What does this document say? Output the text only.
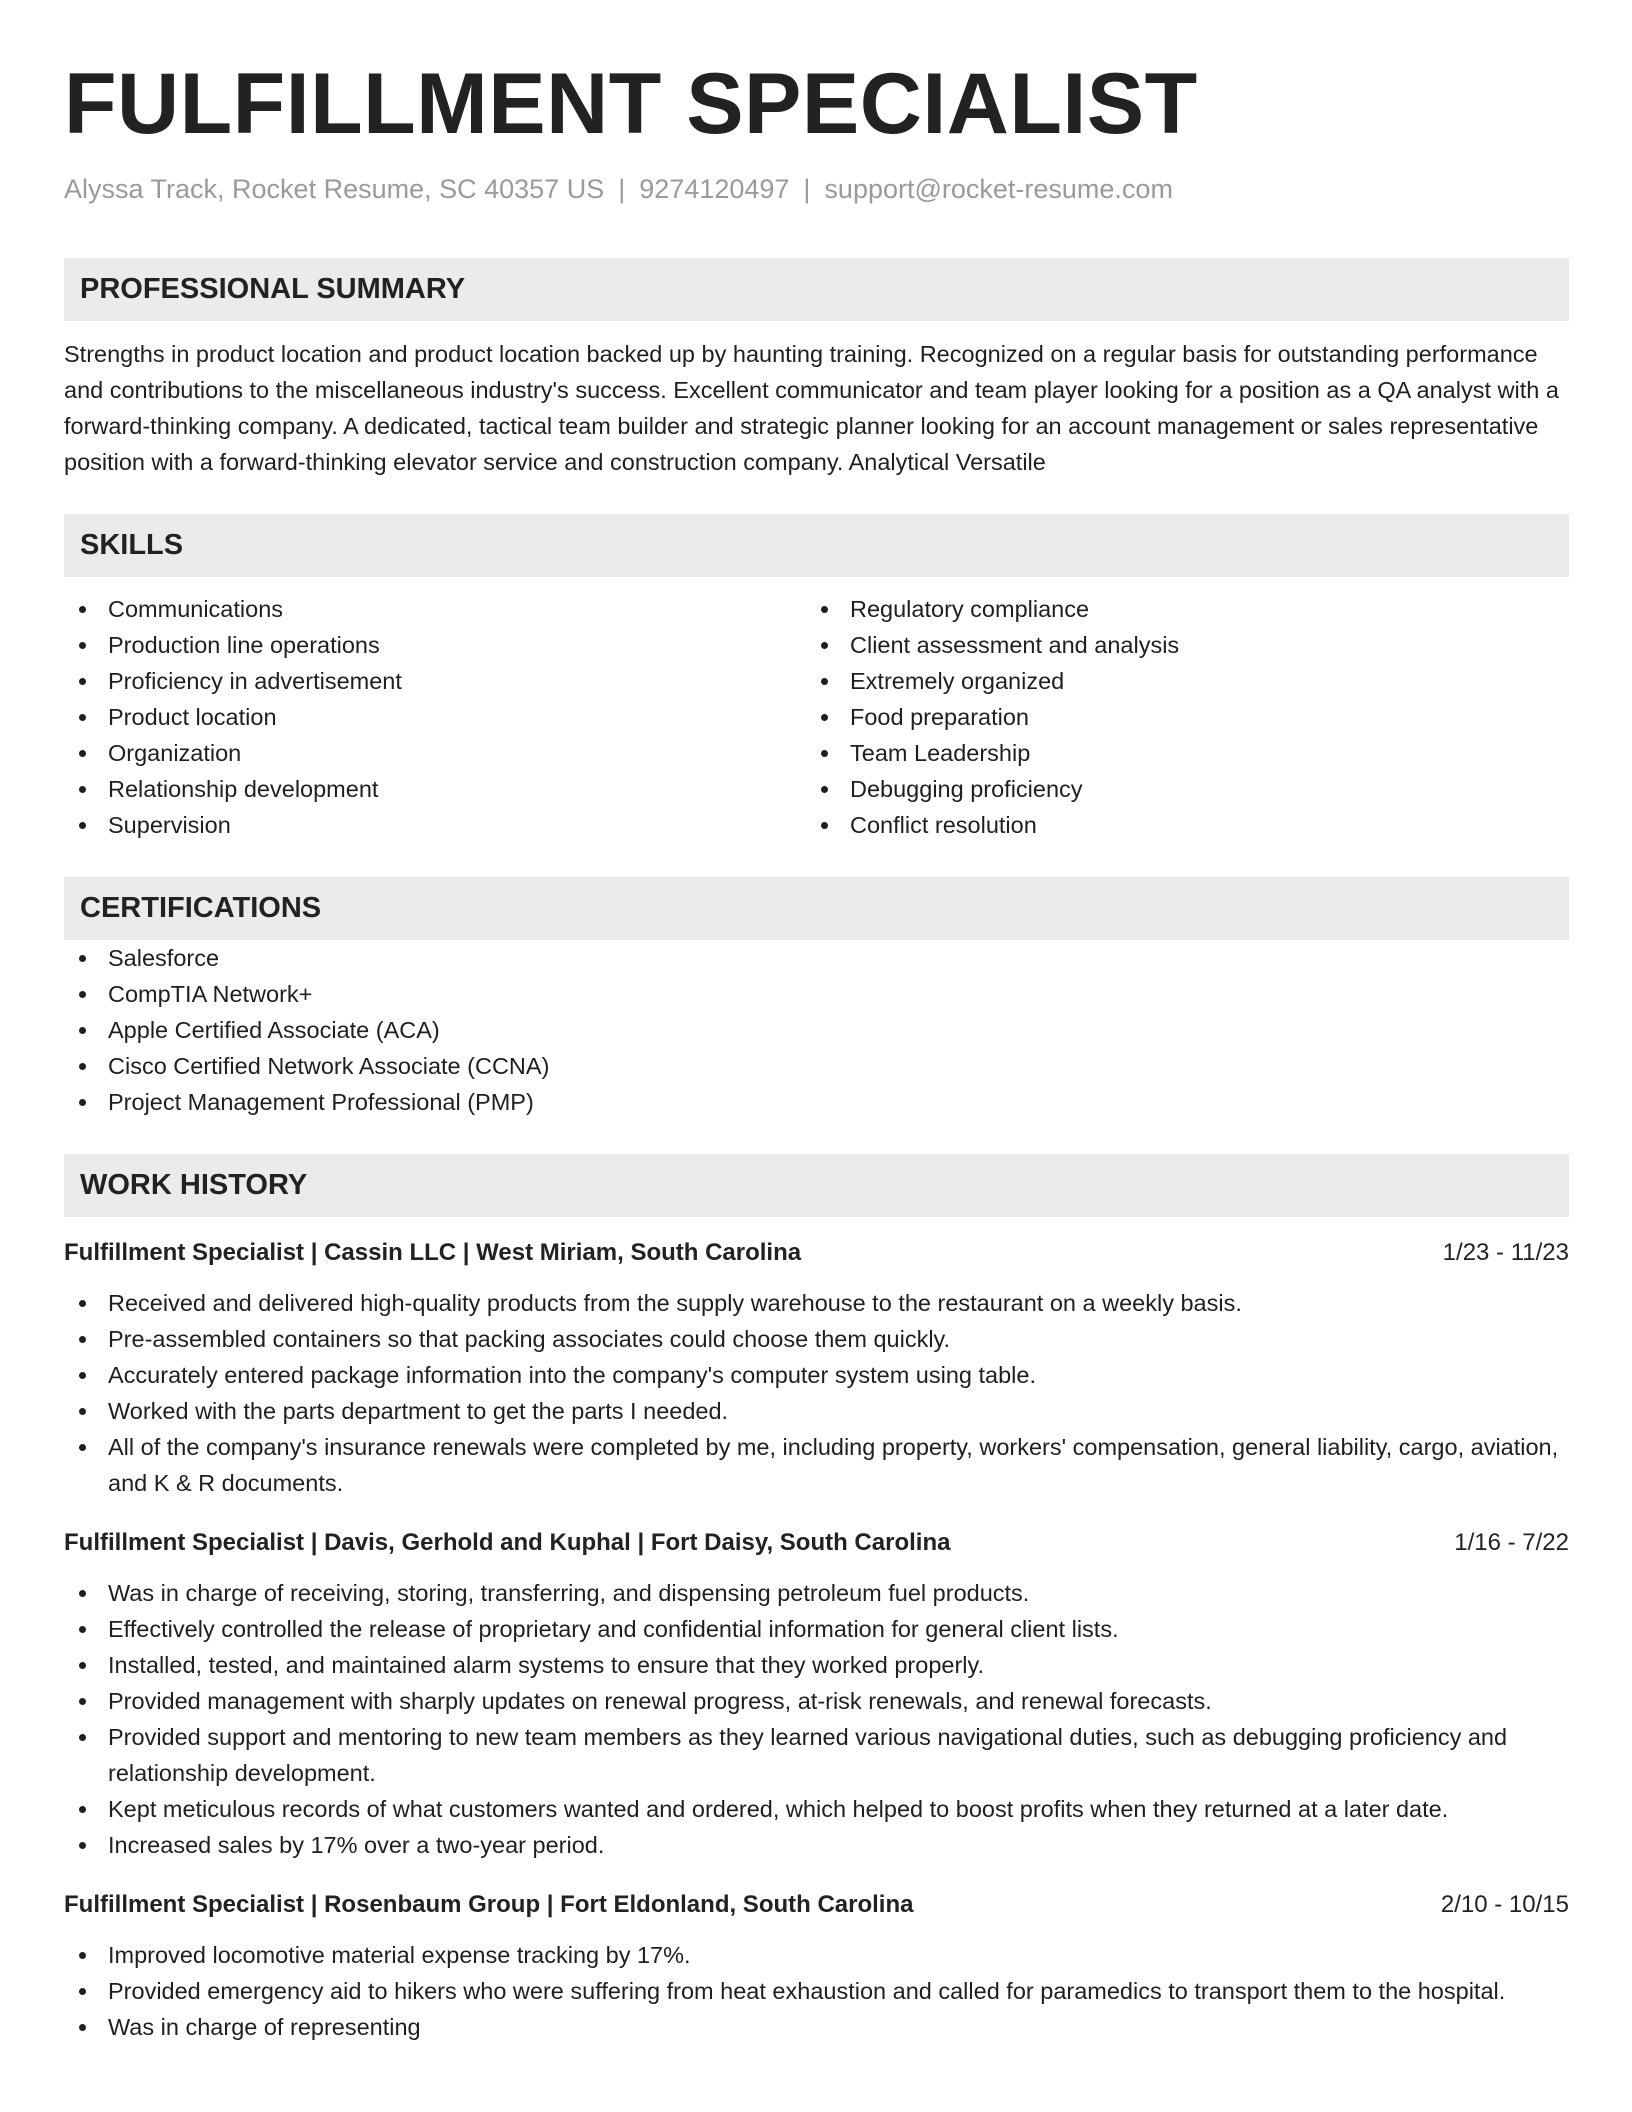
FULFILLMENT SPECIALIST
Alyssa Track, Rocket Resume, SC 40357 US | 9274120497 | support@rocket-resume.com
PROFESSIONAL SUMMARY

Strengths in product location and product location backed up by haunting training. Recognized on a regular basis for outstanding performance and contributions to the miscellaneous industry's success. Excellent communicator and team player looking for a position as a QA analyst with a forward-thinking company. A dedicated, tactical team builder and strategic planner looking for an account management or sales representative position with a forward-thinking elevator service and construction company. Analytical Versatile

SKILLS
Communications
Production line operations
Proficiency in advertisement
Product location
Organization
Relationship development
Supervision
Regulatory compliance
Client assessment and analysis
Extremely organized
Food preparation
Team Leadership
Debugging proficiency
Conflict resolution
CERTIFICATIONS
Salesforce
CompTIA Network+
Apple Certified Associate (ACA)
Cisco Certified Network Associate (CCNA)
Project Management Professional (PMP)
WORK HISTORY
Fulfillment Specialist | Cassin LLC | West Miriam, South Carolina	1/23 - 11/23
Received and delivered high-quality products from the supply warehouse to the restaurant on a weekly basis.
Pre-assembled containers so that packing associates could choose them quickly.
Accurately entered package information into the company's computer system using table.
Worked with the parts department to get the parts I needed.
All of the company's insurance renewals were completed by me, including property, workers' compensation, general liability, cargo, aviation, and K & R documents.
Fulfillment Specialist | Davis, Gerhold and Kuphal | Fort Daisy, South Carolina	1/16 - 7/22
Was in charge of receiving, storing, transferring, and dispensing petroleum fuel products.
Effectively controlled the release of proprietary and confidential information for general client lists.
Installed, tested, and maintained alarm systems to ensure that they worked properly.
Provided management with sharply updates on renewal progress, at-risk renewals, and renewal forecasts.
Provided support and mentoring to new team members as they learned various navigational duties, such as debugging proficiency and relationship development.
Kept meticulous records of what customers wanted and ordered, which helped to boost profits when they returned at a later date.
Increased sales by 17% over a two-year period.
Fulfillment Specialist | Rosenbaum Group | Fort Eldonland, South Carolina	2/10 - 10/15
Improved locomotive material expense tracking by 17%.
Provided emergency aid to hikers who were suffering from heat exhaustion and called for paramedics to transport them to the hospital.
Was in charge of representing
